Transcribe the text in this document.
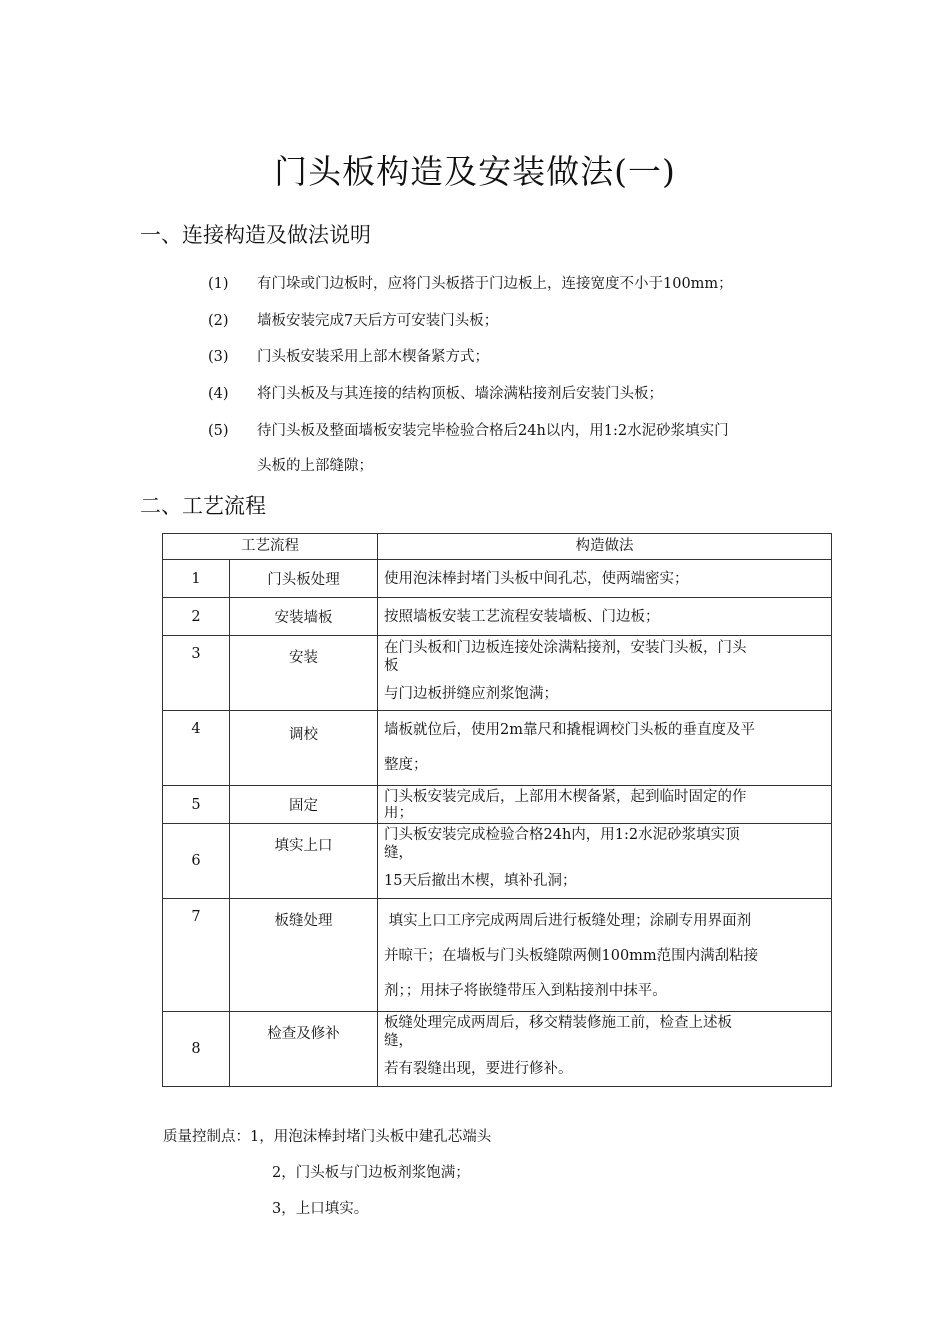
门头板构造及安装做法(一)
一、连接构造及做法说明
(1) 有门垛或门边板时，应将门头板搭于门边板上，连接宽度不小于100mm；
(2) 墙板安装完成7天后方可安装门头板；
(3) 门头板安装采用上部木楔备紧方式；
(4) 将门头板及与其连接的结构顶板、墙涂满粘接剂后安装门头板；
(5) 待门头板及整面墙板安装完毕检验合格后24h以内，用1:2水泥砂浆填实门
头板的上部缝隙；
二、工艺流程
工艺流程		构造做法
1	门头板处理	使用泡沫棒封堵门头板中间孔芯，使两端密实；

2	安装墙板	按照墙板安装工艺流程安装墙板、门边板；

3	安装	在门头板和门边板连接处涂满粘接剂，安装门头板，门头
板
与门边板拼缝应剂浆饱满；

4	调校	墙板就位后，使用2m靠尺和撬棍调校门头板的垂直度及平
整度；

5	固定	门头板安装完成后，上部用木楔备紧，起到临时固定的作
用；

6	填实上口	门头板安装完成检验合格24h内，用1:2水泥砂浆填实顶
缝，
15天后撤出木楔，填补孔洞；

7	板缝处理	填实上口工序完成两周后进行板缝处理；涂刷专用界面剂
并晾干；在墙板与门头板缝隙两侧100mm范围内满刮粘接
剂；；用抹子将嵌缝带压入到粘接剂中抹平。

8	检查及修补	板缝处理完成两周后，移交精装修施工前，检查上述板
缝，
若有裂缝出现，要进行修补。
质量控制点：1，用泡沫棒封堵门头板中建孔芯端头
2，门头板与门边板剂浆饱满；
3，上口填实。
